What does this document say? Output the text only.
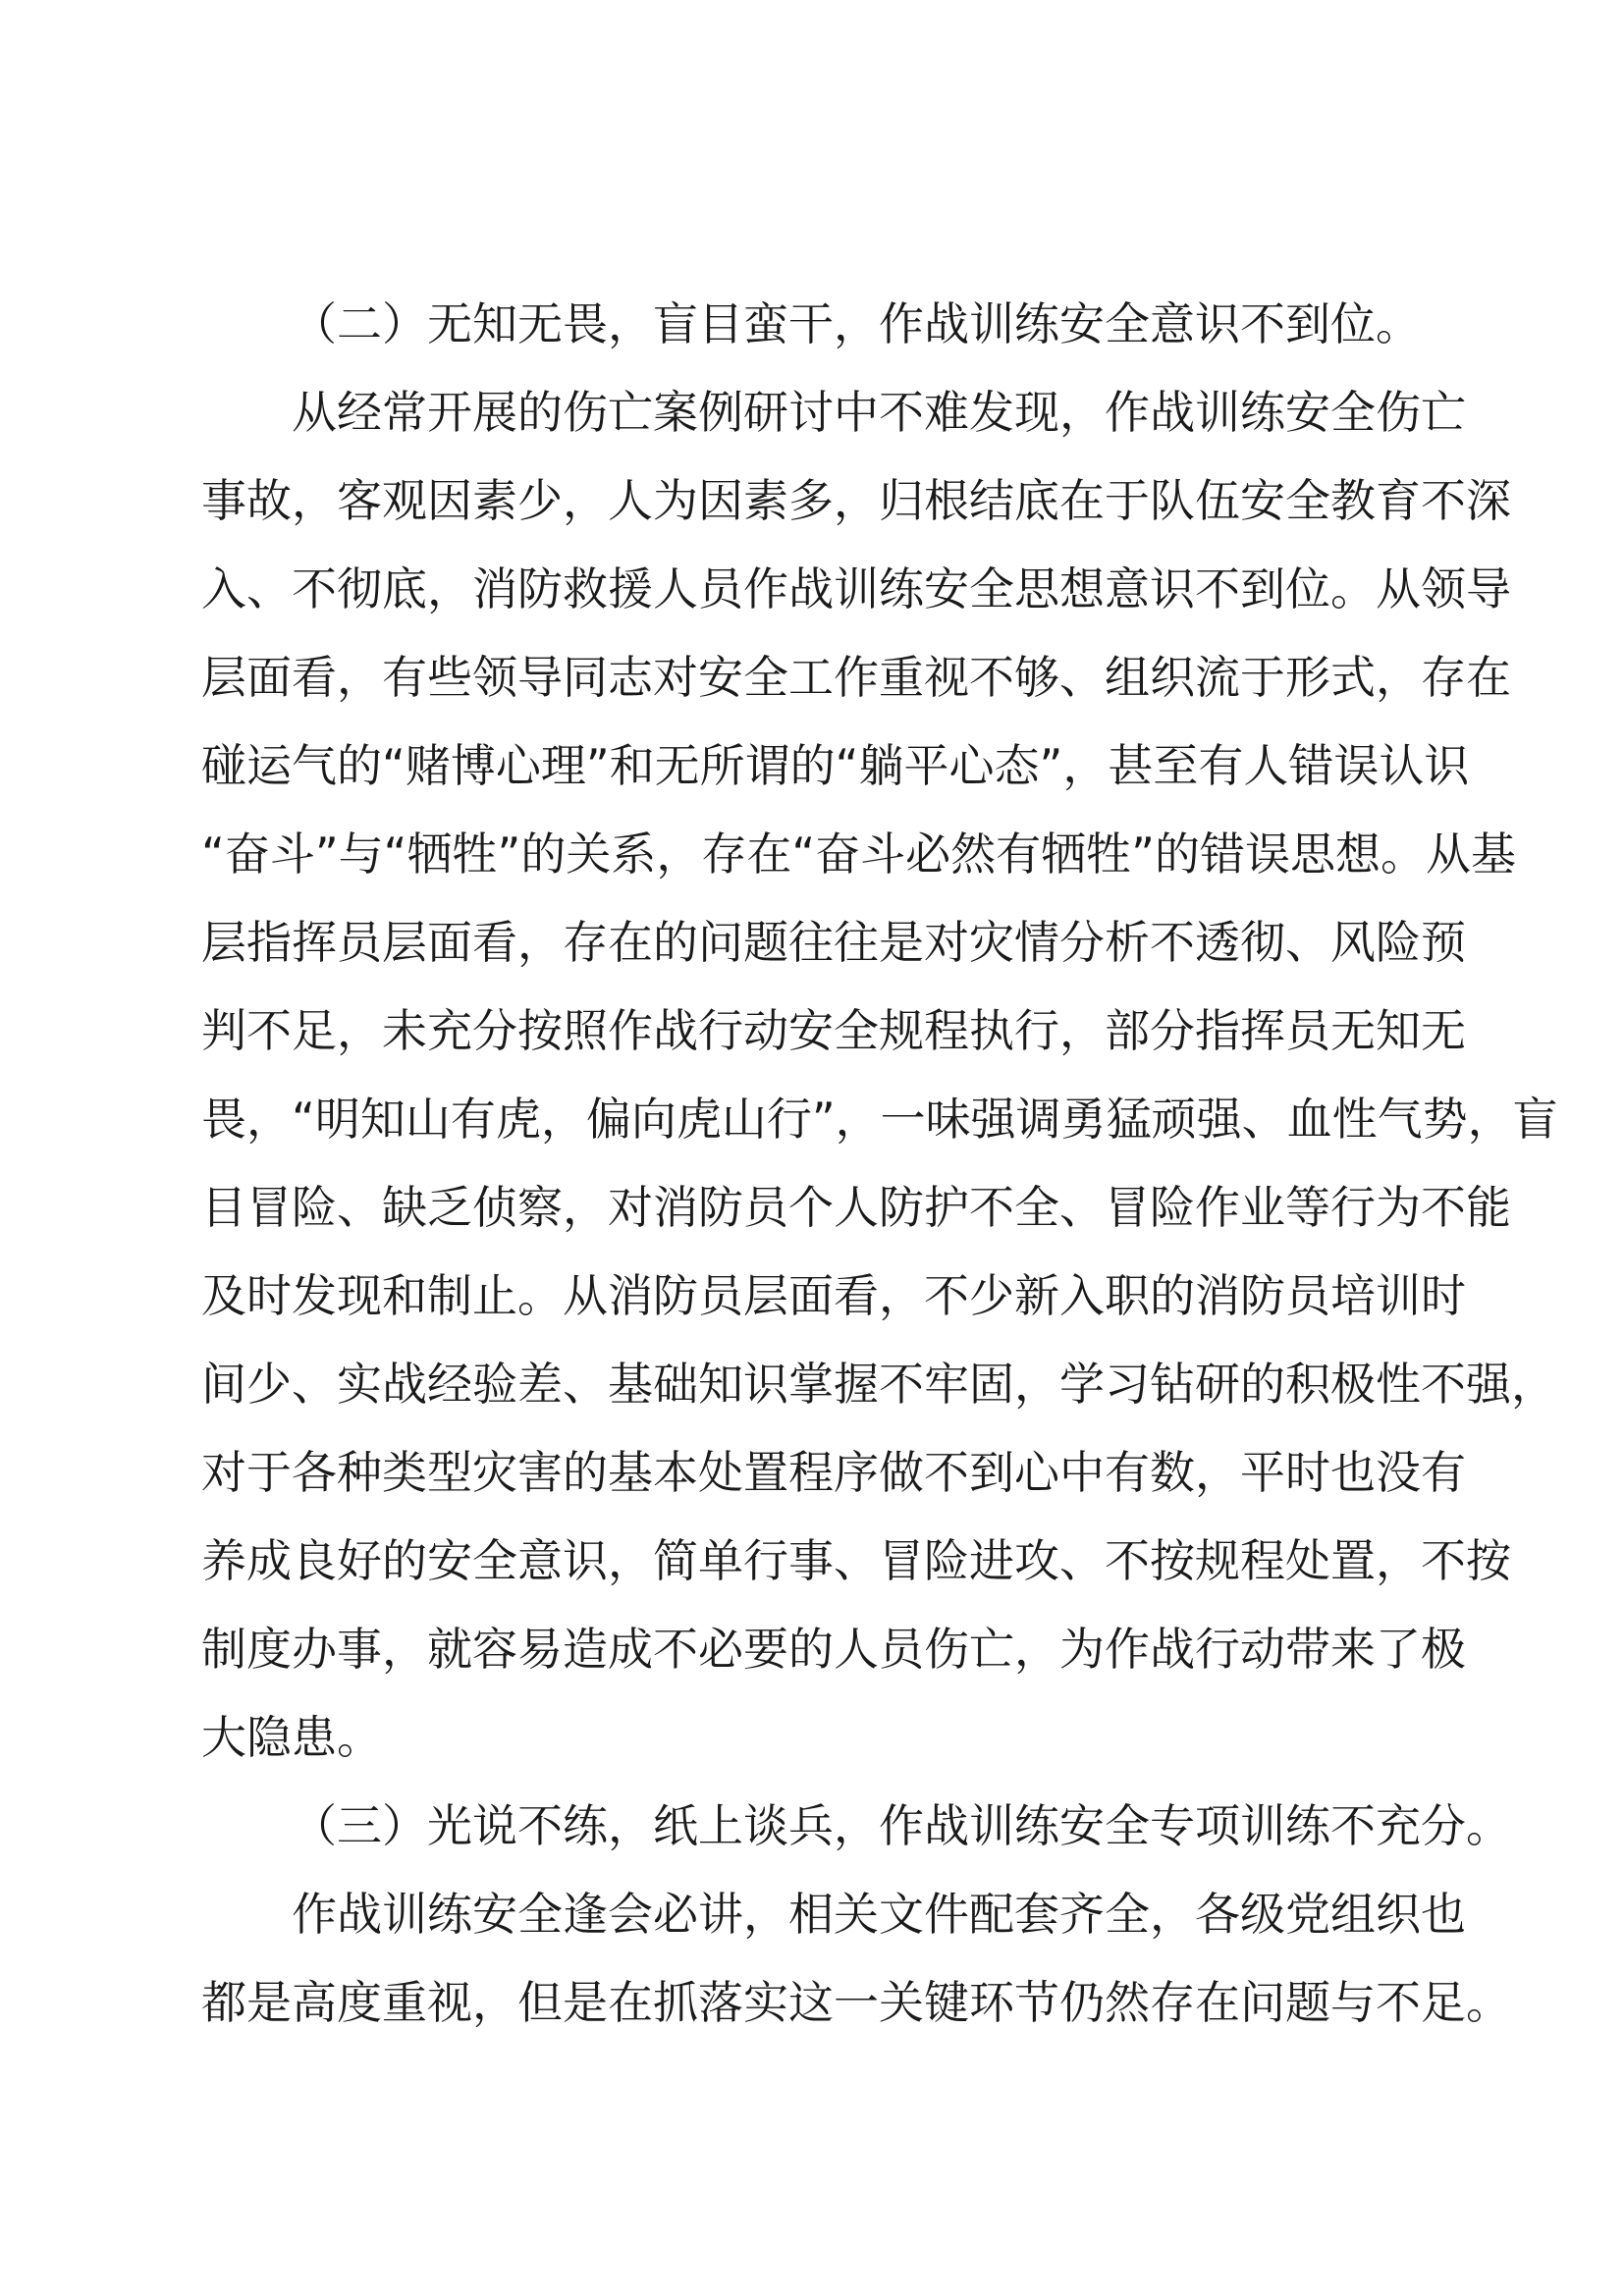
（二）无知无畏，盲目蛮干，作战训练安全意识不到位。
从经常开展的伤亡案例研讨中不难发现，作战训练安全伤亡
事故，客观因素少，人为因素多，归根结底在于队伍安全教育不深
入、不彻底，消防救援人员作战训练安全思想意识不到位。从领导
层面看，有些领导同志对安全工作重视不够、组织流于形式，存在
碰运气的“赌博心理”和无所谓的“躺平心态”，甚至有人错误认识
“奋斗”与“牺牲”的关系，存在“奋斗必然有牺牲”的错误思想。从基
层指挥员层面看，存在的问题往往是对灾情分析不透彻、风险预
判不足，未充分按照作战行动安全规程执行，部分指挥员无知无
畏，“明知山有虎，偏向虎山行”，一味强调勇猛顽强、血性气势，盲
目冒险、缺乏侦察，对消防员个人防护不全、冒险作业等行为不能
及时发现和制止。从消防员层面看，不少新入职的消防员培训时
间少、实战经验差、基础知识掌握不牢固，学习钻研的积极性不强，
对于各种类型灾害的基本处置程序做不到心中有数，平时也没有
养成良好的安全意识，简单行事、冒险进攻、不按规程处置，不按
制度办事，就容易造成不必要的人员伤亡，为作战行动带来了极
大隐患。
（三）光说不练，纸上谈兵，作战训练安全专项训练不充分。
作战训练安全逢会必讲，相关文件配套齐全，各级党组织也
都是高度重视，但是在抓落实这一关键环节仍然存在问题与不足。
